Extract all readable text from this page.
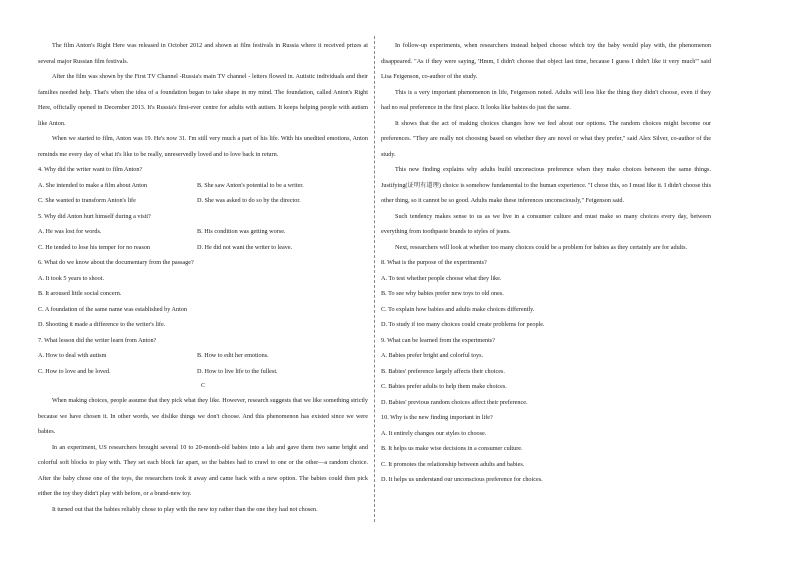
The film Anton's Right Here was released in October 2012 and shown at film festivals in Russia where it received prizes at several major Russian film festivals.

After the film was shown by the First TV Channel -Russia's main TV channel - letters flowed in. Autistic individuals and their families needed help. That's when the idea of a foundation began to take shape in my mind. The foundation, called Anton's Right Here, officially opened in December 2013. It's Russia's first-ever centre for adults with autism. It keeps helping people with autism like Anton.

When we started to film, Anton was 19. He's now 31. I'm still very much a part of his life. With his unedited emotions, Anton reminds me every day of what it's like to be really, unreservedly loved and to love back in return.

4. Why did the writer want to film Anton?
A. She intended to make a film about Anton	B. She saw Anton's potential to be a writer.
C. She wanted to transform Anton's life	D. She was asked to do so by the director.
5. Why did Anton hurt himself during a visit?
A. He was lost for words.	B. His condition was getting worse.
C. He tended to lose his temper for no reason	D. He did not want the writer to leave.
6. What do we know about the documentary from the passage?
A. It took 5 years to shoot.
B. It aroused little social concern.
C. A foundation of the same name was established by Anton
D. Shooting it made a difference to the writer's life.
7. What lesson did the writer learn from Anton?
A. How to deal with autism	B. How to edit her emotions.
C. How to love and be loved.	D. How to live life to the fullest.
C

When making choices, people assume that they pick what they like. However, research suggests that we like something strictly because we have chosen it. In other words, we dislike things we don't choose. And this phenomenon has existed since we were babies.

In an experiment, US researchers brought several 10 to 20-month-old babies into a lab and gave them two same bright and colorful soft blocks to play with. They set each block far apart, so the babies had to crawl to one or the other—a random choice. After the baby chose one of the toys, the researchers took it away and came back with a new option. The babies could then pick either the toy they didn't play with before, or a brand-new toy.

It turned out that the babies reliably chose to play with the new toy rather than the one they had not chosen.

In follow-up experiments, when researchers instead helped choose which toy the baby would play with, the phenomenon disappeared. "As if they were saying, 'Hmm, I didn't choose that object last time, because I guess I didn't like it very much'" said Lisa Feigenson, co-author of the study.

This is a very important phenomenon in life, Feigenson noted. Adults will less like the thing they didn't choose, even if they had no real preference in the first place. It looks like babies do just the same.

It shows that the act of making choices changes how we feel about our options. The random choices might become our preferences. "They are really not choosing based on whether they are novel or what they prefer," said Alex Silver, co-author of the study.

This new finding explains why adults build unconscious preference when they make choices between the same things. Justifying(证明有道理) choice is somehow fundamental to the human experience. "I chose this, so I must like it. I didn't choose this other thing, so it cannot be so good. Adults make these inferences unconsciously," Feigenson said.

Such tendency makes sense to us as we live in a consumer culture and must make so many choices every day, between everything from toothpaste brands to styles of jeans.

Next, researchers will look at whether too many choices could be a problem for babies as they certainly are for adults.

8. What is the purpose of the experiments?
A. To test whether people choose what they like.
B. To see why babies prefer new toys to old ones.
C. To explain how babies and adults make choices differently.
D. To study if too many choices could create problems for people.
9. What can be learned from the experiments?
A. Babies prefer bright and colorful toys.
B. Babies' preference largely affects their choices.
C. Babies prefer adults to help them make choices.
D. Babies' previous random choices affect their preference.
10. Why is the new finding important in life?
A. It entirely changes our styles to choose.
B. It helps us make wise decisions in a consumer culture.
C. It promotes the relationship between adults and babies.
D. It helps us understand our unconscious preference for choices.
